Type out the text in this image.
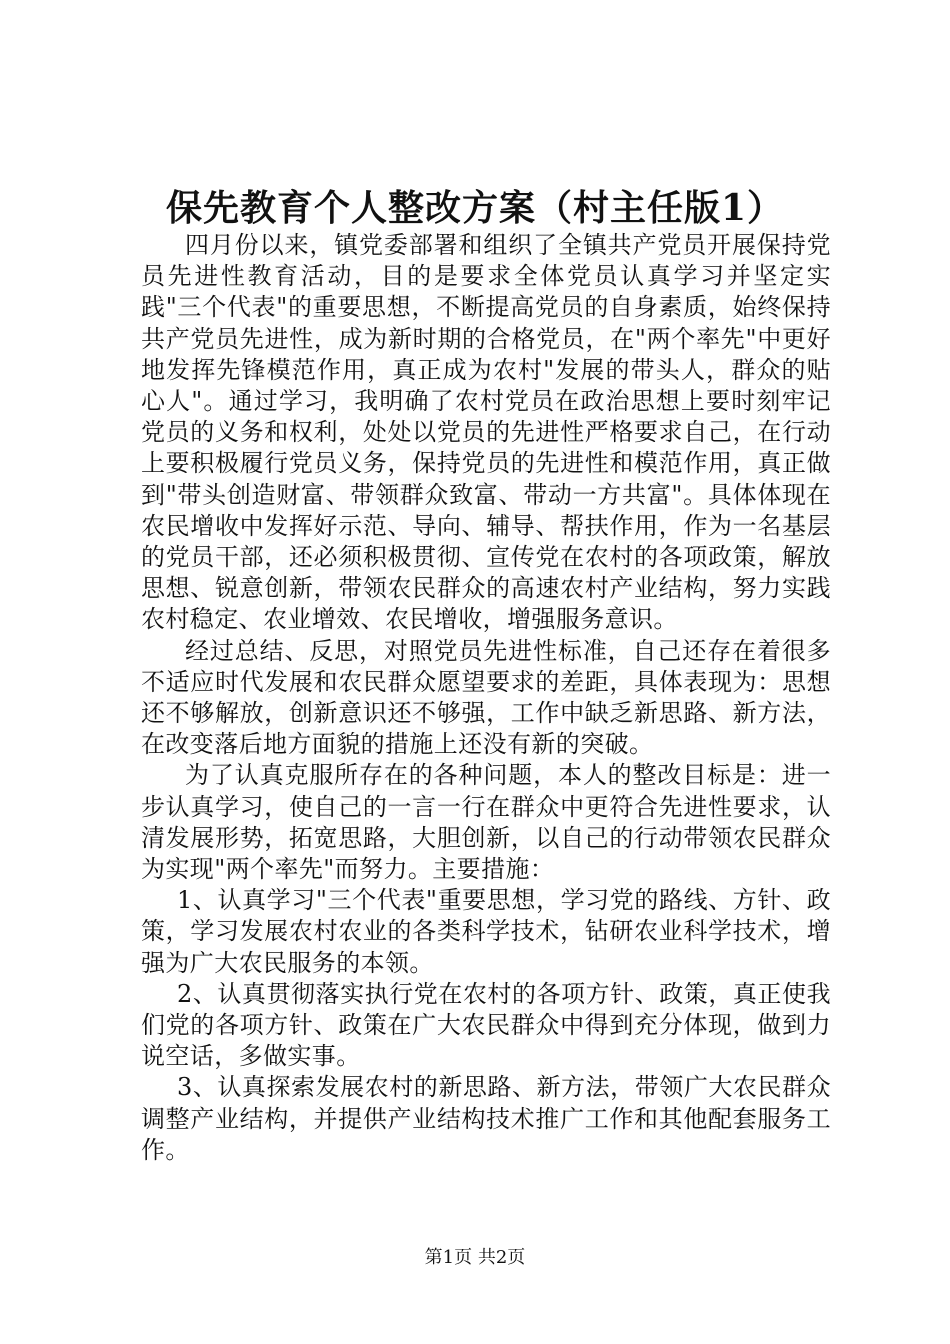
保先教育个人整改方案（村主任版1）

四月份以来，镇党委部署和组织了全镇共产党员开展保持党员先进性教育活动，目的是要求全体党员认真学习并坚定实践"三个代表"的重要思想，不断提高党员的自身素质，始终保持共产党员先进性，成为新时期的合格党员，在"两个率先"中更好地发挥先锋模范作用，真正成为农村"发展的带头人，群众的贴心人"。通过学习，我明确了农村党员在政治思想上要时刻牢记党员的义务和权利，处处以党员的先进性严格要求自己，在行动上要积极履行党员义务，保持党员的先进性和模范作用，真正做到"带头创造财富、带领群众致富、带动一方共富"。具体体现在农民增收中发挥好示范、导向、辅导、帮扶作用，作为一名基层的党员干部，还必须积极贯彻、宣传党在农村的各项政策，解放思想、锐意创新，带领农民群众的高速农村产业结构，努力实践农村稳定、农业增效、农民增收，增强服务意识。

经过总结、反思，对照党员先进性标准，自己还存在着很多不适应时代发展和农民群众愿望要求的差距，具体表现为：思想还不够解放，创新意识还不够强，工作中缺乏新思路、新方法，在改变落后地方面貌的措施上还没有新的突破。

为了认真克服所存在的各种问题，本人的整改目标是：进一步认真学习，使自己的一言一行在群众中更符合先进性要求，认清发展形势，拓宽思路，大胆创新，以自己的行动带领农民群众为实现"两个率先"而努力。主要措施：

1、认真学习"三个代表"重要思想，学习党的路线、方针、政策，学习发展农村农业的各类科学技术，钻研农业科学技术，增强为广大农民服务的本领。

2、认真贯彻落实执行党在农村的各项方针、政策，真正使我们党的各项方针、政策在广大农民群众中得到充分体现，做到力说空话，多做实事。

3、认真探索发展农村的新思路、新方法，带领广大农民群众调整产业结构，并提供产业结构技术推广工作和其他配套服务工作。

第1页 共2页
